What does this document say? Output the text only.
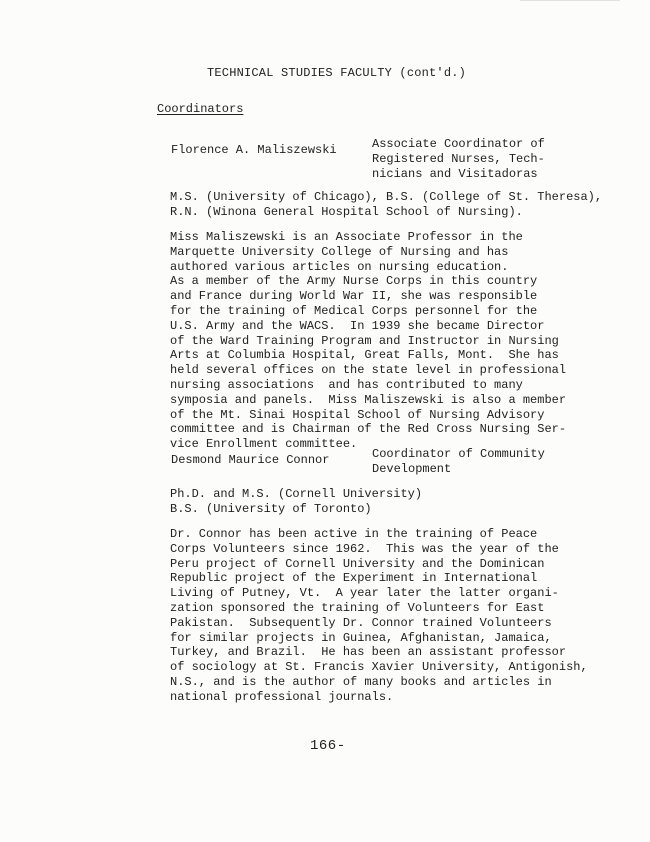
TECHNICAL STUDIES FACULTY (cont'd.)
Coordinators
Florence A. Maliszewski	Associate Coordinator of
Registered Nurses, Tech-
nicians and Visitadoras
M.S. (University of Chicago), B.S. (College of St. Theresa),
R.N. (Winona General Hospital School of Nursing).
Miss Maliszewski is an Associate Professor in the
Marquette University College of Nursing and has
authored various articles on nursing education.
As a member of the Army Nurse Corps in this country
and France during World War II, she was responsible
for the training of Medical Corps personnel for the
U.S. Army and the WACS.  In 1939 she became Director
of the Ward Training Program and Instructor in Nursing
Arts at Columbia Hospital, Great Falls, Mont.  She has
held several offices on the state level in professional
nursing associations  and has contributed to many
symposia and panels.  Miss Maliszewski is also a member
of the Mt. Sinai Hospital School of Nursing Advisory
committee and is Chairman of the Red Cross Nursing Ser-
vice Enrollment committee.
Desmond Maurice Connor	Coordinator of Community
Development
Ph.D. and M.S. (Cornell University)
B.S. (University of Toronto)
Dr. Connor has been active in the training of Peace
Corps Volunteers since 1962.  This was the year of the
Peru project of Cornell University and the Dominican
Republic project of the Experiment in International
Living of Putney, Vt.  A year later the latter organi-
zation sponsored the training of Volunteers for East
Pakistan.  Subsequently Dr. Connor trained Volunteers
for similar projects in Guinea, Afghanistan, Jamaica,
Turkey, and Brazil.  He has been an assistant professor
of sociology at St. Francis Xavier University, Antigonish,
N.S., and is the author of many books and articles in
national professional journals.
166-
